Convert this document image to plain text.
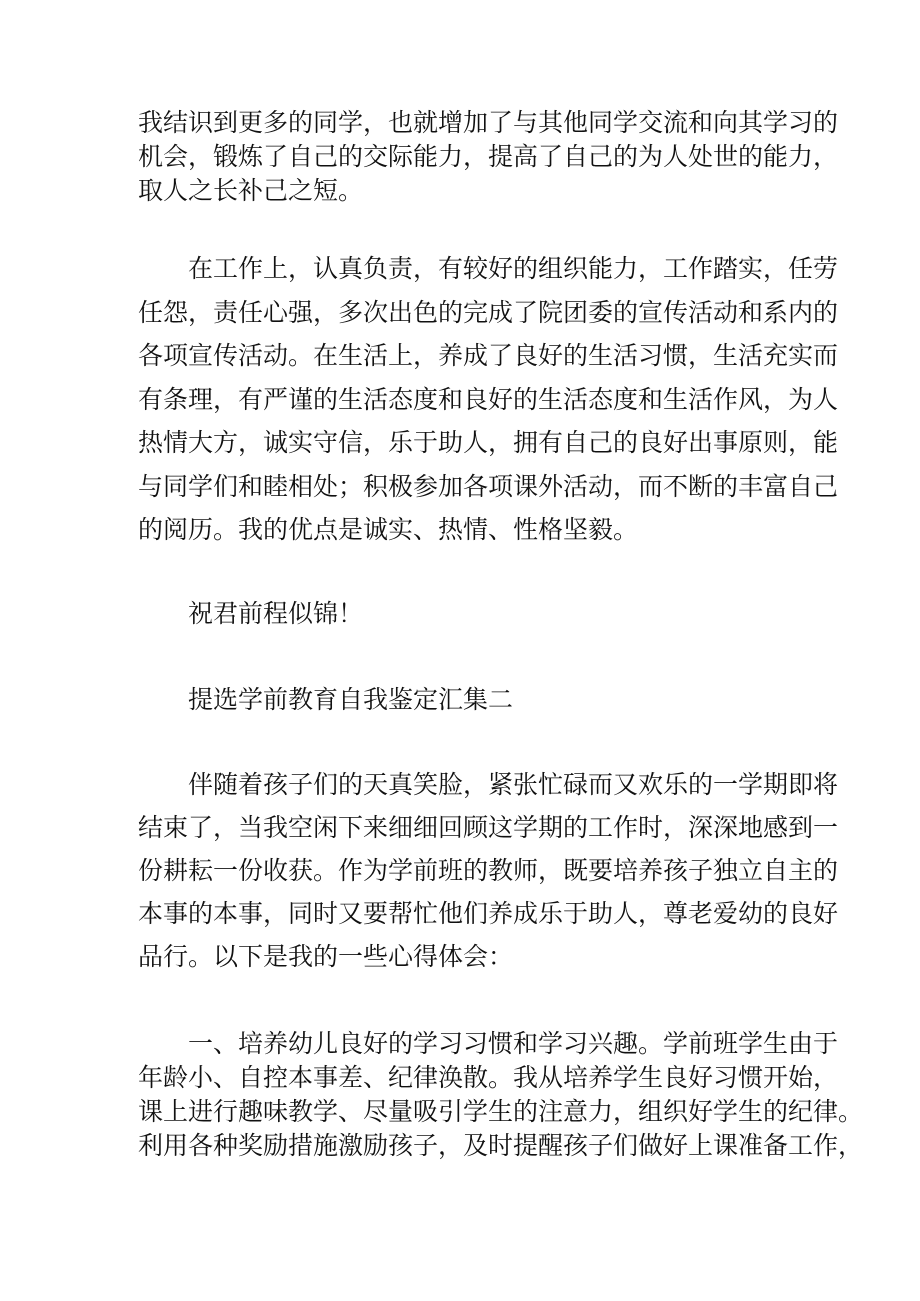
我结识到更多的同学，也就增加了与其他同学交流和向其学习的
机会，锻炼了自己的交际能力，提高了自己的为人处世的能力，
取人之长补己之短。
　　在工作上，认真负责，有较好的组织能力，工作踏实，任劳
任怨，责任心强，多次出色的完成了院团委的宣传活动和系内的
各项宣传活动。在生活上，养成了良好的生活习惯，生活充实而
有条理，有严谨的生活态度和良好的生活态度和生活作风，为人
热情大方，诚实守信，乐于助人，拥有自己的良好出事原则，能
与同学们和睦相处；积极参加各项课外活动，而不断的丰富自己
的阅历。我的优点是诚实、热情、性格坚毅。
　　祝君前程似锦！
　　提选学前教育自我鉴定汇集二
　　伴随着孩子们的天真笑脸，紧张忙碌而又欢乐的一学期即将
结束了，当我空闲下来细细回顾这学期的工作时，深深地感到一
份耕耘一份收获。作为学前班的教师，既要培养孩子独立自主的
本事的本事，同时又要帮忙他们养成乐于助人，尊老爱幼的良好
品行。以下是我的一些心得体会：
　　一、培养幼儿良好的学习习惯和学习兴趣。学前班学生由于
年龄小、自控本事差、纪律涣散。我从培养学生良好习惯开始，
课上进行趣味教学、尽量吸引学生的注意力，组织好学生的纪律。
利用各种奖励措施激励孩子，及时提醒孩子们做好上课准备工作，
